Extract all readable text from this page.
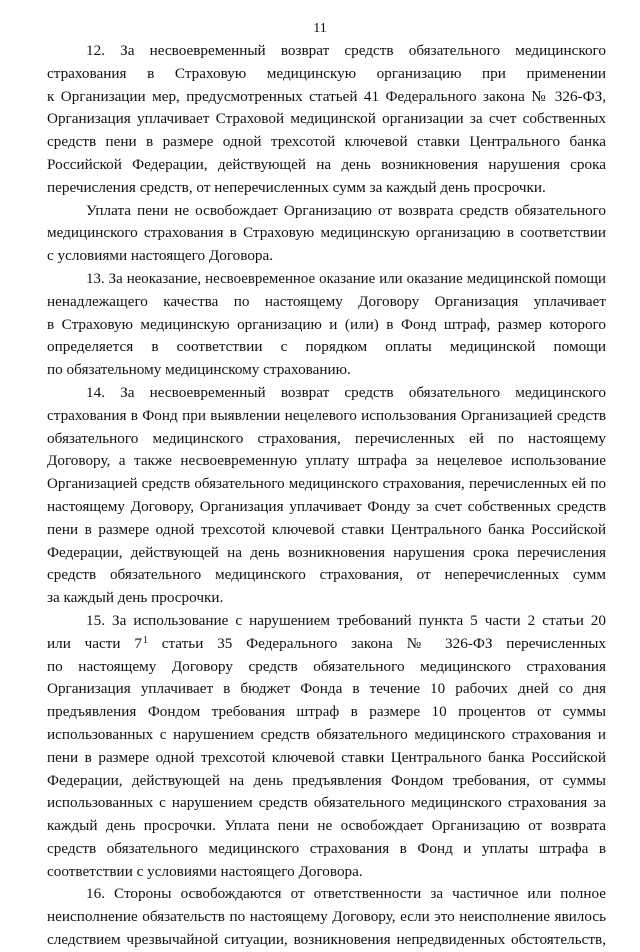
11
12. За несвоевременный возврат средств обязательного медицинского
страхования в Страховую медицинскую организацию при применении
к Организации мер, предусмотренных статьей 41 Федерального закона № 326-ФЗ,
Организация уплачивает Страховой медицинской организации за счет собственных
средств пени в размере одной трехсотой ключевой ставки Центрального банка
Российской Федерации, действующей на день возникновения нарушения срока
перечисления средств, от неперечисленных сумм за каждый день просрочки.
Уплата пени не освобождает Организацию от возврата средств обязательного
медицинского страхования в Страховую медицинскую организацию в соответствии
с условиями настоящего Договора.
13. За неоказание, несвоевременное оказание или оказание медицинской помощи
ненадлежащего качества по настоящему Договору Организация уплачивает
в Страховую медицинскую организацию и (или) в Фонд штраф, размер которого
определяется в соответствии с порядком оплаты медицинской помощи
по обязательному медицинскому страхованию.
14. За несвоевременный возврат средств обязательного медицинского
страхования в Фонд при выявлении нецелевого использования Организацией средств
обязательного медицинского страхования, перечисленных ей по настоящему
Договору, а также несвоевременную уплату штрафа за нецелевое использование
Организацией средств обязательного медицинского страхования, перечисленных ей по
настоящему Договору, Организация уплачивает Фонду за счет собственных средств
пени в размере одной трехсотой ключевой ставки Центрального банка Российской
Федерации, действующей на день возникновения нарушения срока перечисления
средств обязательного медицинского страхования, от неперечисленных сумм
за каждый день просрочки.
15. За использование с нарушением требований пункта 5 части 2 статьи 20
или части $7^1$ статьи 35 Федерального закона № 326-ФЗ перечисленных
по настоящему Договору средств обязательного медицинского страхования
Организация уплачивает в бюджет Фонда в течение 10 рабочих дней со дня
предъявления Фондом требования штраф в размере 10 процентов от суммы
использованных с нарушением средств обязательного медицинского страхования и
пени в размере одной трехсотой ключевой ставки Центрального банка Российской
Федерации, действующей на день предъявления Фондом требования, от суммы
использованных с нарушением средств обязательного медицинского страхования за
каждый день просрочки. Уплата пени не освобождает Организацию от возврата
средств обязательного медицинского страхования в Фонд и уплаты штрафа в
соответствии с условиями настоящего Договора.
16. Стороны освобождаются от ответственности за частичное или полное
неисполнение обязательств по настоящему Договору, если это неисполнение явилось
следствием чрезвычайной ситуации, возникновения непредвиденных обстоятельств,
